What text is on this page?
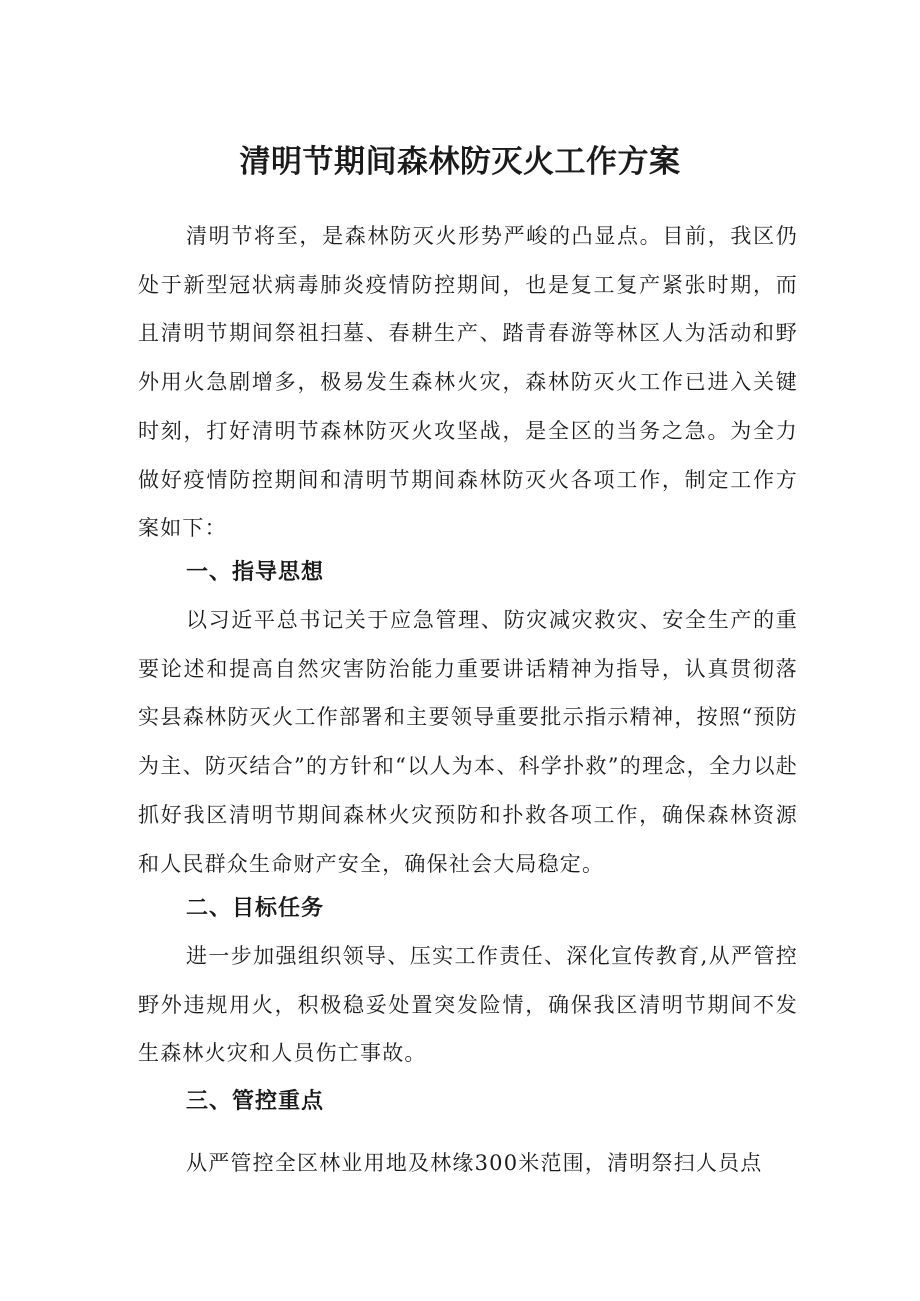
清明节期间森林防灭火工作方案

清明节将至，是森林防灭火形势严峻的凸显点。目前，我区仍处于新型冠状病毒肺炎疫情防控期间，也是复工复产紧张时期，而且清明节期间祭祖扫墓、春耕生产、踏青春游等林区人为活动和野外用火急剧增多，极易发生森林火灾，森林防灭火工作已进入关键时刻，打好清明节森林防灭火攻坚战，是全区的当务之急。为全力做好疫情防控期间和清明节期间森林防灭火各项工作，制定工作方案如下：

一、指导思想

以习近平总书记关于应急管理、防灾减灾救灾、安全生产的重要论述和提高自然灾害防治能力重要讲话精神为指导，认真贯彻落实县森林防灭火工作部署和主要领导重要批示指示精神，按照“预防为主、防灭结合”的方针和“以人为本、科学扑救”的理念，全力以赴抓好我区清明节期间森林火灾预防和扑救各项工作，确保森林资源和人民群众生命财产安全，确保社会大局稳定。

二、目标任务

进一步加强组织领导、压实工作责任、深化宣传教育,从严管控野外违规用火，积极稳妥处置突发险情，确保我区清明节期间不发生森林火灾和人员伤亡事故。

三、管控重点

从严管控全区林业用地及林缘300米范围，清明祭扫人员点
